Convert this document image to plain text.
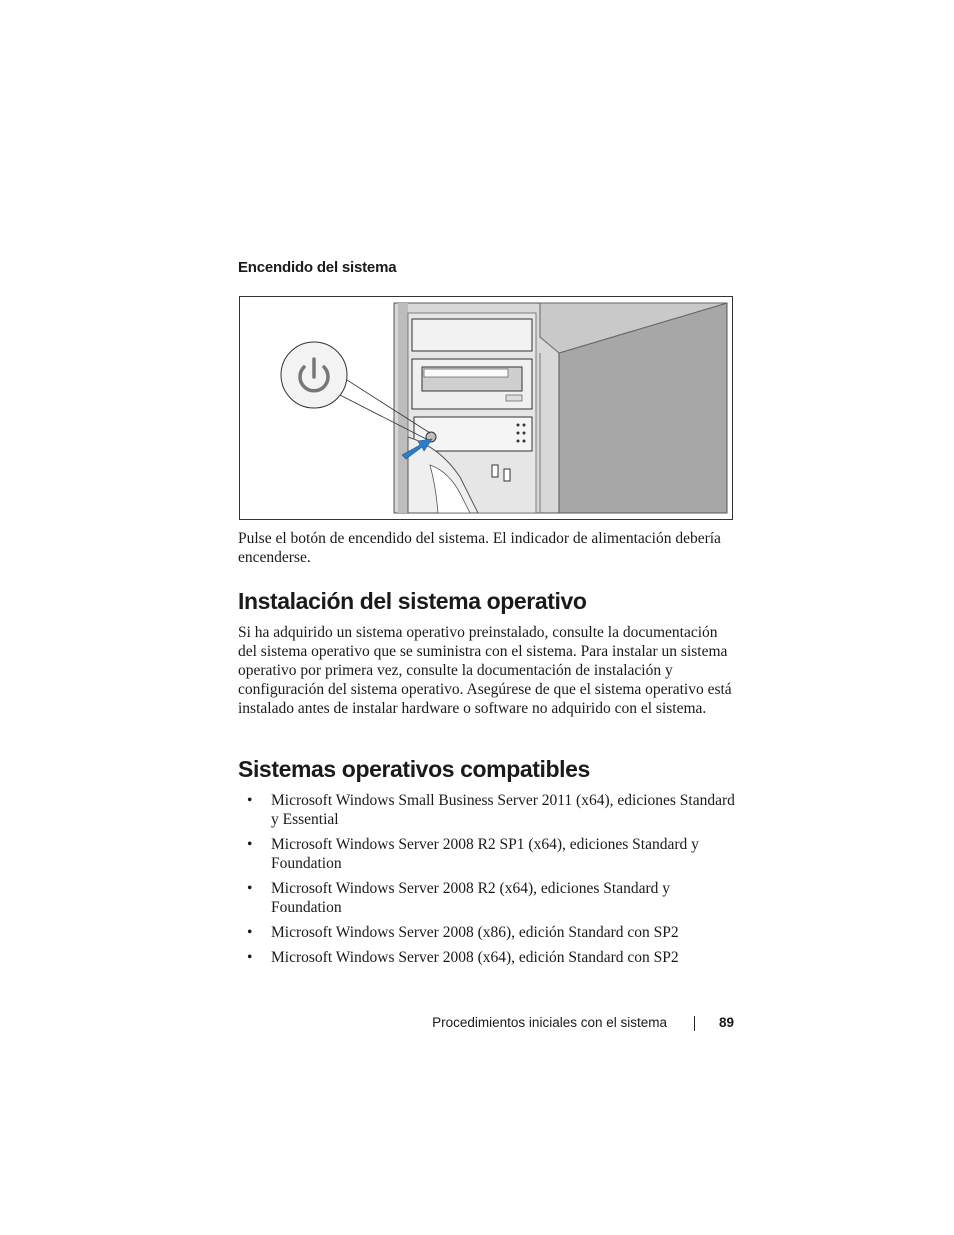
Encendido del sistema

Pulse el botón de encendido del sistema. El indicador de alimentación debería encenderse.

Instalación del sistema operativo

Si ha adquirido un sistema operativo preinstalado, consulte la documentación del sistema operativo que se suministra con el sistema. Para instalar un sistema operativo por primera vez, consulte la documentación de instalación y configuración del sistema operativo. Asegúrese de que el sistema operativo está instalado antes de instalar hardware o software no adquirido con el sistema.

Sistemas operativos compatibles
• Microsoft Windows Small Business Server 2011 (x64), ediciones Standard y Essential
• Microsoft Windows Server 2008 R2 SP1 (x64), ediciones Standard y Foundation
• Microsoft Windows Server 2008 R2 (x64), ediciones Standard y Foundation
• Microsoft Windows Server 2008 (x86), edición Standard con SP2
• Microsoft Windows Server 2008 (x64), edición Standard con SP2
Procedimientos iniciales con el sistema	89
